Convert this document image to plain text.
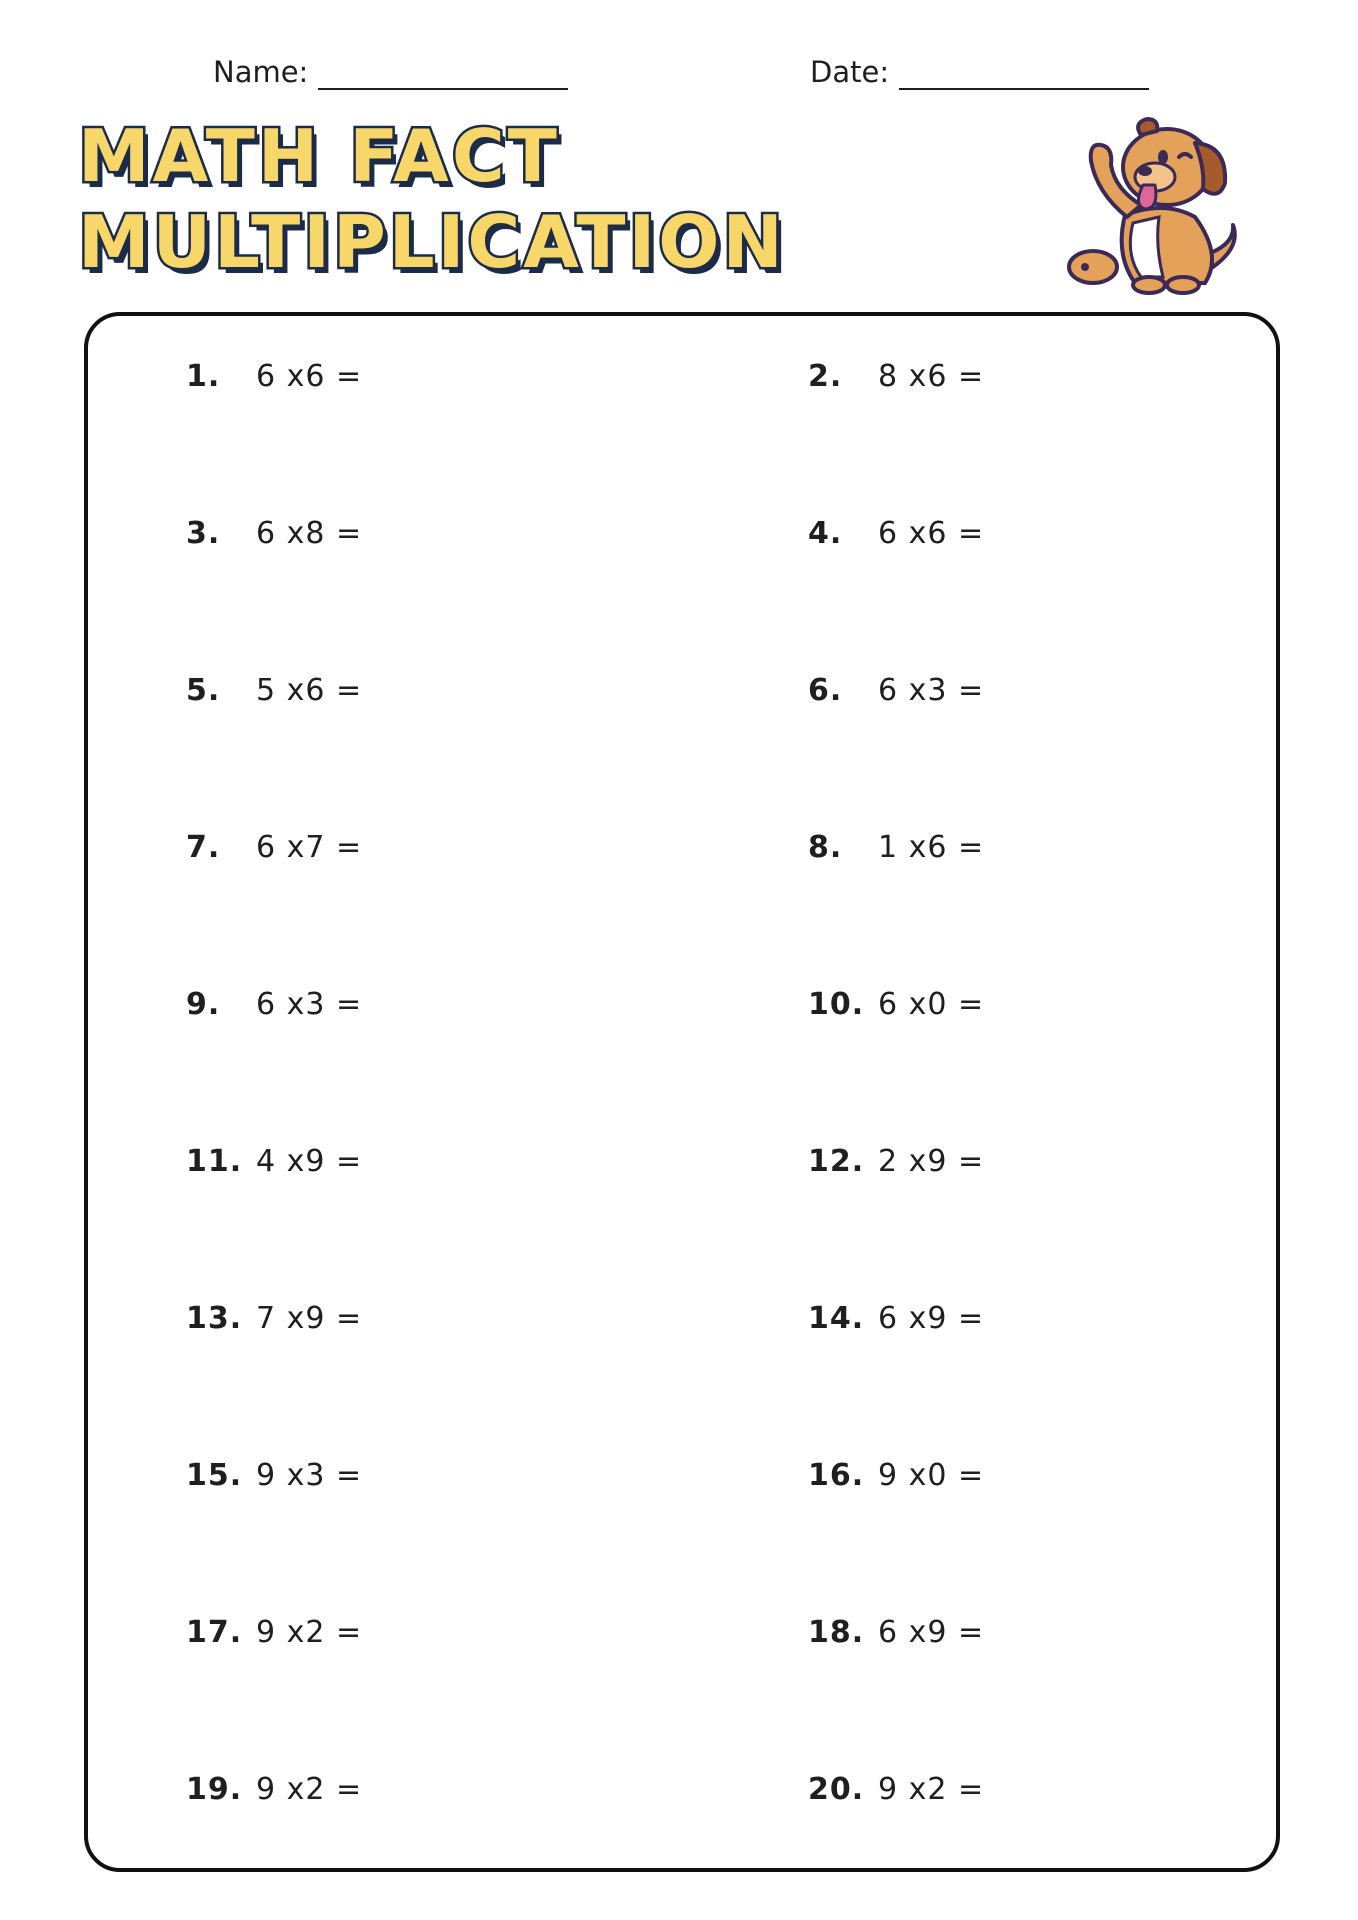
Name:	Date:
MATH FACT
MULTIPLICATION
1.	6 x6 =	2.	8 x6 =
3.	6 x8 =	4.	6 x6 =
5.	5 x6 =	6.	6 x3 =
7.	6 x7 =	8.	1 x6 =
9.	6 x3 =	10. 6 x0 =
11. 4 x9 =	12. 2 x9 =
13. 7 x9 =	14. 6 x9 =
15. 9 x3 =	16. 9 x0 =
17. 9 x2 =	18. 6 x9 =
19. 9 x2 =	20. 9 x2 =
